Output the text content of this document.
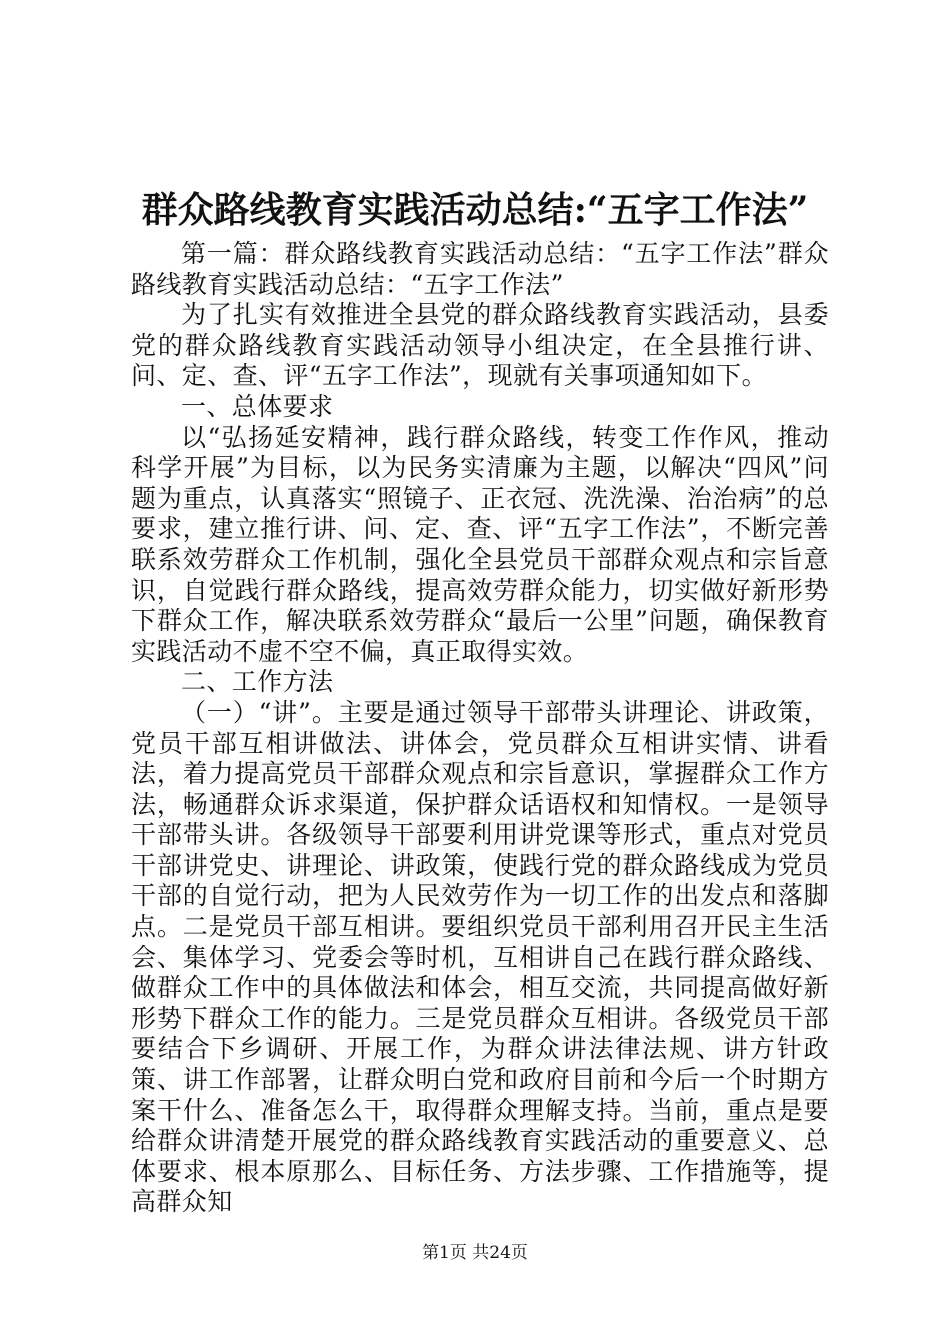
群众路线教育实践活动总结:“五字工作法”

第一篇：群众路线教育实践活动总结：“五字工作法”群众路线教育实践活动总结：“五字工作法”

为了扎实有效推进全县党的群众路线教育实践活动，县委党的群众路线教育实践活动领导小组决定，在全县推行讲、问、定、查、评“五字工作法”，现就有关事项通知如下。

一、总体要求

以“弘扬延安精神，践行群众路线，转变工作作风，推动科学开展”为目标，以为民务实清廉为主题，以解决“四风”问题为重点，认真落实“照镜子、正衣冠、洗洗澡、治治病”的总要求，建立推行讲、问、定、查、评“五字工作法”，不断完善联系效劳群众工作机制，强化全县党员干部群众观点和宗旨意识，自觉践行群众路线，提高效劳群众能力，切实做好新形势下群众工作，解决联系效劳群众“最后一公里”问题，确保教育实践活动不虚不空不偏，真正取得实效。

二、工作方法

（一）“讲”。主要是通过领导干部带头讲理论、讲政策，党员干部互相讲做法、讲体会，党员群众互相讲实情、讲看法，着力提高党员干部群众观点和宗旨意识，掌握群众工作方法，畅通群众诉求渠道，保护群众话语权和知情权。一是领导干部带头讲。各级领导干部要利用讲党课等形式，重点对党员干部讲党史、讲理论、讲政策，使践行党的群众路线成为党员干部的自觉行动，把为人民效劳作为一切工作的出发点和落脚点。二是党员干部互相讲。要组织党员干部利用召开民主生活会、集体学习、党委会等时机，互相讲自己在践行群众路线、做群众工作中的具体做法和体会，相互交流，共同提高做好新形势下群众工作的能力。三是党员群众互相讲。各级党员干部要结合下乡调研、开展工作，为群众讲法律法规、讲方针政策、讲工作部署，让群众明白党和政府目前和今后一个时期方案干什么、准备怎么干，取得群众理解支持。当前，重点是要给群众讲清楚开展党的群众路线教育实践活动的重要意义、总体要求、根本原那么、目标任务、方法步骤、工作措施等，提高群众知

第1页 共24页
